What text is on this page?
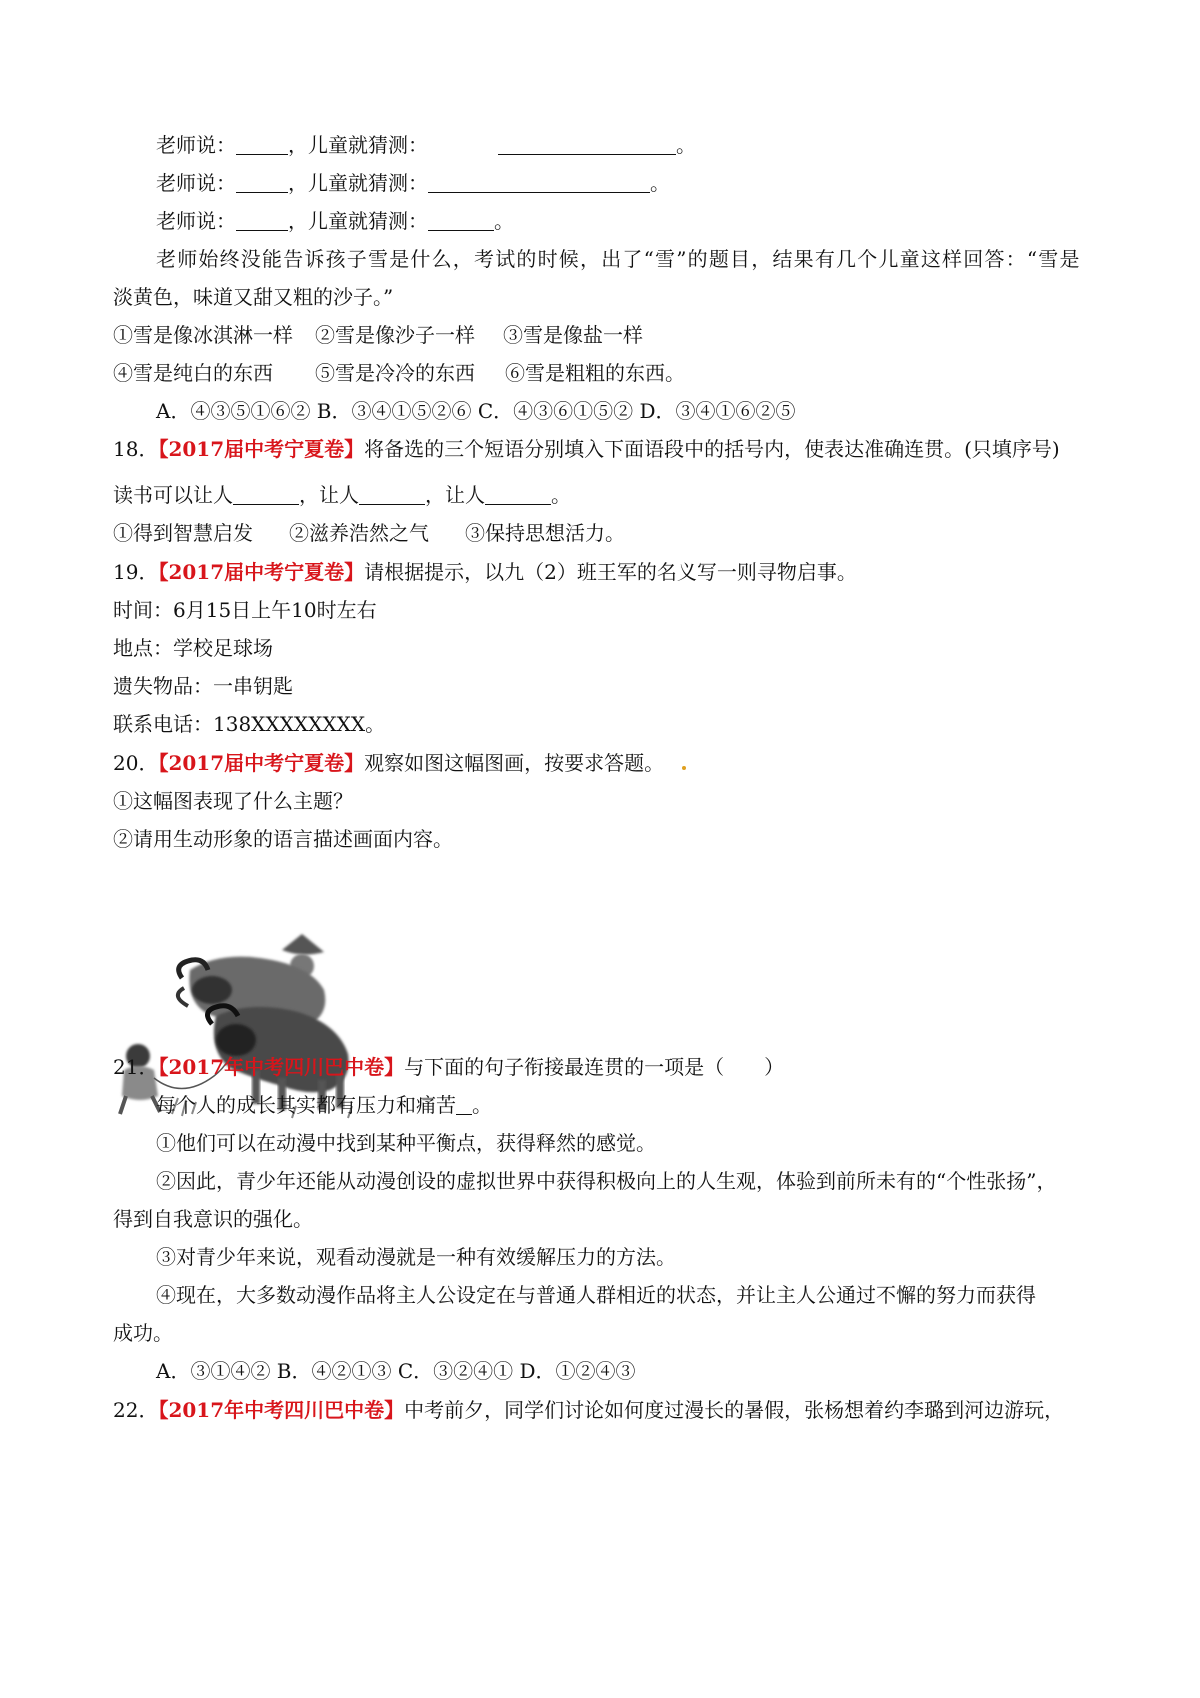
老师说：	，儿童就猜测：	。
老师说：	，儿童就猜测：	。
老师说：	，儿童就猜测：	。
老师始终没能告诉孩子雪是什么，考试的时候，出了“雪”的题目，结果有几个儿童这样回答：“雪是
淡黄色，味道又甜又粗的沙子。”
①雪是像冰淇淋一样 ②雪是像沙子一样 ③雪是像盐一样
④雪是纯白的东西 ⑤雪是冷冷的东西 ⑥雪是粗粗的东西。
A．④③⑤①⑥② B．③④①⑤②⑥ C．④③⑥①⑤② D．③④①⑥②⑤
18．【2017届中考宁夏卷】将备选的三个短语分别填入下面语段中的括号内，使表达准确连贯。(只填序号)
读书可以让人	，让人	，让人	。
①得到智慧启发 ②滋养浩然之气 ③保持思想活力。
19．【2017届中考宁夏卷】请根据提示，以九（2）班王军的名义写一则寻物启事。
时间：6月15日上午10时左右
地点：学校足球场
遗失物品：一串钥匙
联系电话：138XXXXXXXX。
20．【2017届中考宁夏卷】观察如图这幅图画，按要求答题。
①这幅图表现了什么主题？
②请用生动形象的语言描述画面内容。
21．【2017年中考四川巴中卷】与下面的句子衔接最连贯的一项是（　　）
每个人的成长其实都有压力和痛苦 。
①他们可以在动漫中找到某种平衡点，获得释然的感觉。
②因此，青少年还能从动漫创设的虚拟世界中获得积极向上的人生观，体验到前所未有的“个性张扬”，
得到自我意识的强化。
③对青少年来说，观看动漫就是一种有效缓解压力的方法。
④现在，大多数动漫作品将主人公设定在与普通人群相近的状态，并让主人公通过不懈的努力而获得
成功。
A．③①④② B．④②①③ C．③②④① D．①②④③
22．【2017年中考四川巴中卷】中考前夕，同学们讨论如何度过漫长的暑假，张杨想着约李璐到河边游玩，
